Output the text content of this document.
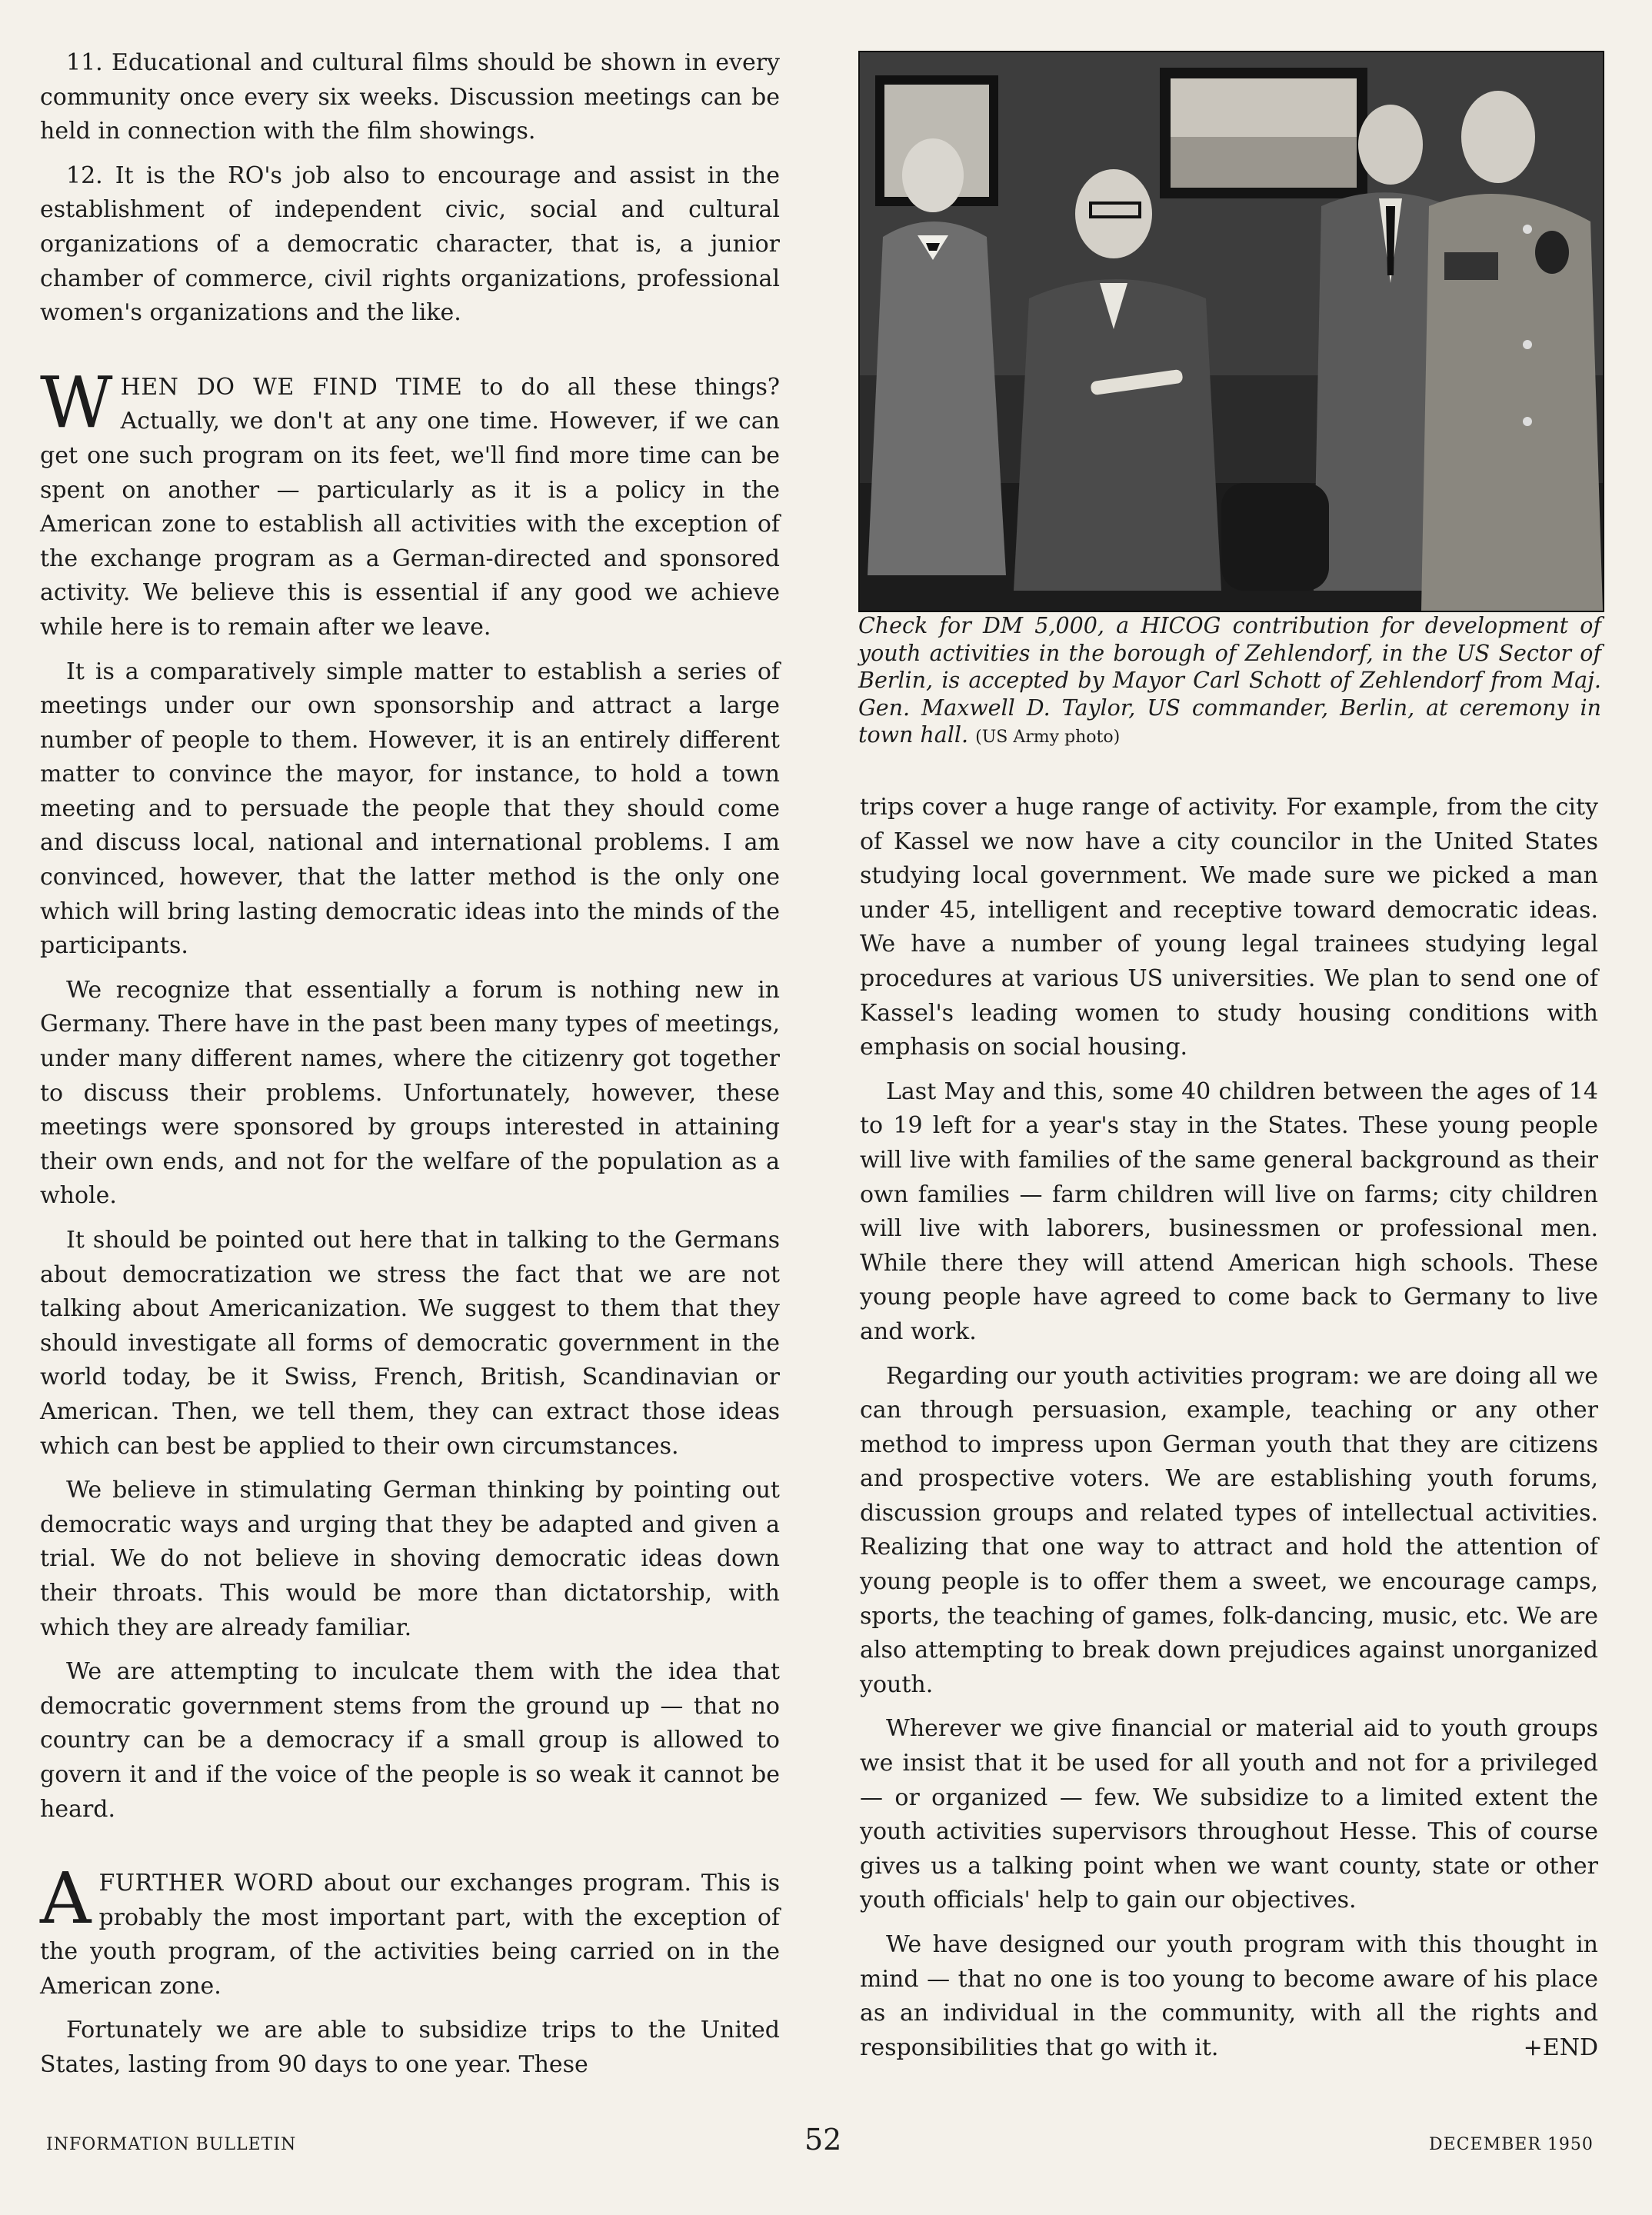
11. Educational and cultural films should be shown in every community once every six weeks. Discussion meetings can be held in connection with the film showings.

12. It is the RO's job also to encourage and assist in the establishment of independent civic, social and cultural organizations of a democratic character, that is, a junior chamber of commerce, civil rights organizations, professional women's organizations and the like.

WHEN DO WE FIND TIME to do all these things? Actually, we don't at any one time. However, if we can get one such program on its feet, we'll find more time can be spent on another — particularly as it is a policy in the American zone to establish all activities with the exception of the exchange program as a German-directed and sponsored activity. We believe this is essential if any good we achieve while here is to remain after we leave.

It is a comparatively simple matter to establish a series of meetings under our own sponsorship and attract a large number of people to them. However, it is an entirely different matter to convince the mayor, for instance, to hold a town meeting and to persuade the people that they should come and discuss local, national and international problems. I am convinced, however, that the latter method is the only one which will bring lasting democratic ideas into the minds of the participants.

We recognize that essentially a forum is nothing new in Germany. There have in the past been many types of meetings, under many different names, where the citizenry got together to discuss their problems. Unfortunately, however, these meetings were sponsored by groups interested in attaining their own ends, and not for the welfare of the population as a whole.

It should be pointed out here that in talking to the Germans about democratization we stress the fact that we are not talking about Americanization. We suggest to them that they should investigate all forms of democratic government in the world today, be it Swiss, French, British, Scandinavian or American. Then, we tell them, they can extract those ideas which can best be applied to their own circumstances.

We believe in stimulating German thinking by pointing out democratic ways and urging that they be adapted and given a trial. We do not believe in shoving democratic ideas down their throats. This would be more than dictatorship, with which they are already familiar.

We are attempting to inculcate them with the idea that democratic government stems from the ground up — that no country can be a democracy if a small group is allowed to govern it and if the voice of the people is so weak it cannot be heard.

AFURTHER WORD about our exchanges program. This is probably the most important part, with the exception of the youth program, of the activities being carried on in the American zone.

Fortunately we are able to subsidize trips to the United States, lasting from 90 days to one year. These

Check for DM 5,000, a HICOG contribution for development of youth activities in the borough of Zehlendorf, in the US Sector of Berlin, is accepted by Mayor Carl Schott of Zehlendorf from Maj. Gen. Maxwell D. Taylor, US commander, Berlin, at ceremony in town hall. (US Army photo)

trips cover a huge range of activity. For example, from the city of Kassel we now have a city councilor in the United States studying local government. We made sure we picked a man under 45, intelligent and receptive toward democratic ideas. We have a number of young legal trainees studying legal procedures at various US universities. We plan to send one of Kassel's leading women to study housing conditions with emphasis on social housing.

Last May and this, some 40 children between the ages of 14 to 19 left for a year's stay in the States. These young people will live with families of the same general background as their own families — farm children will live on farms; city children will live with laborers, businessmen or professional men. While there they will attend American high schools. These young people have agreed to come back to Germany to live and work.

Regarding our youth activities program: we are doing all we can through persuasion, example, teaching or any other method to impress upon German youth that they are citizens and prospective voters. We are establishing youth forums, discussion groups and related types of intellectual activities. Realizing that one way to attract and hold the attention of young people is to offer them a sweet, we encourage camps, sports, the teaching of games, folk-dancing, music, etc. We are also attempting to break down prejudices against unorganized youth.

Wherever we give financial or material aid to youth groups we insist that it be used for all youth and not for a privileged — or organized — few. We subsidize to a limited extent the youth activities supervisors throughout Hesse. This of course gives us a talking point when we want county, state or other youth officials' help to gain our objectives.

We have designed our youth program with this thought in mind — that no one is too young to become aware of his place as an individual in the community, with all the rights and responsibilities that go with it.	+END

INFORMATION BULLETIN	52	DECEMBER 1950
